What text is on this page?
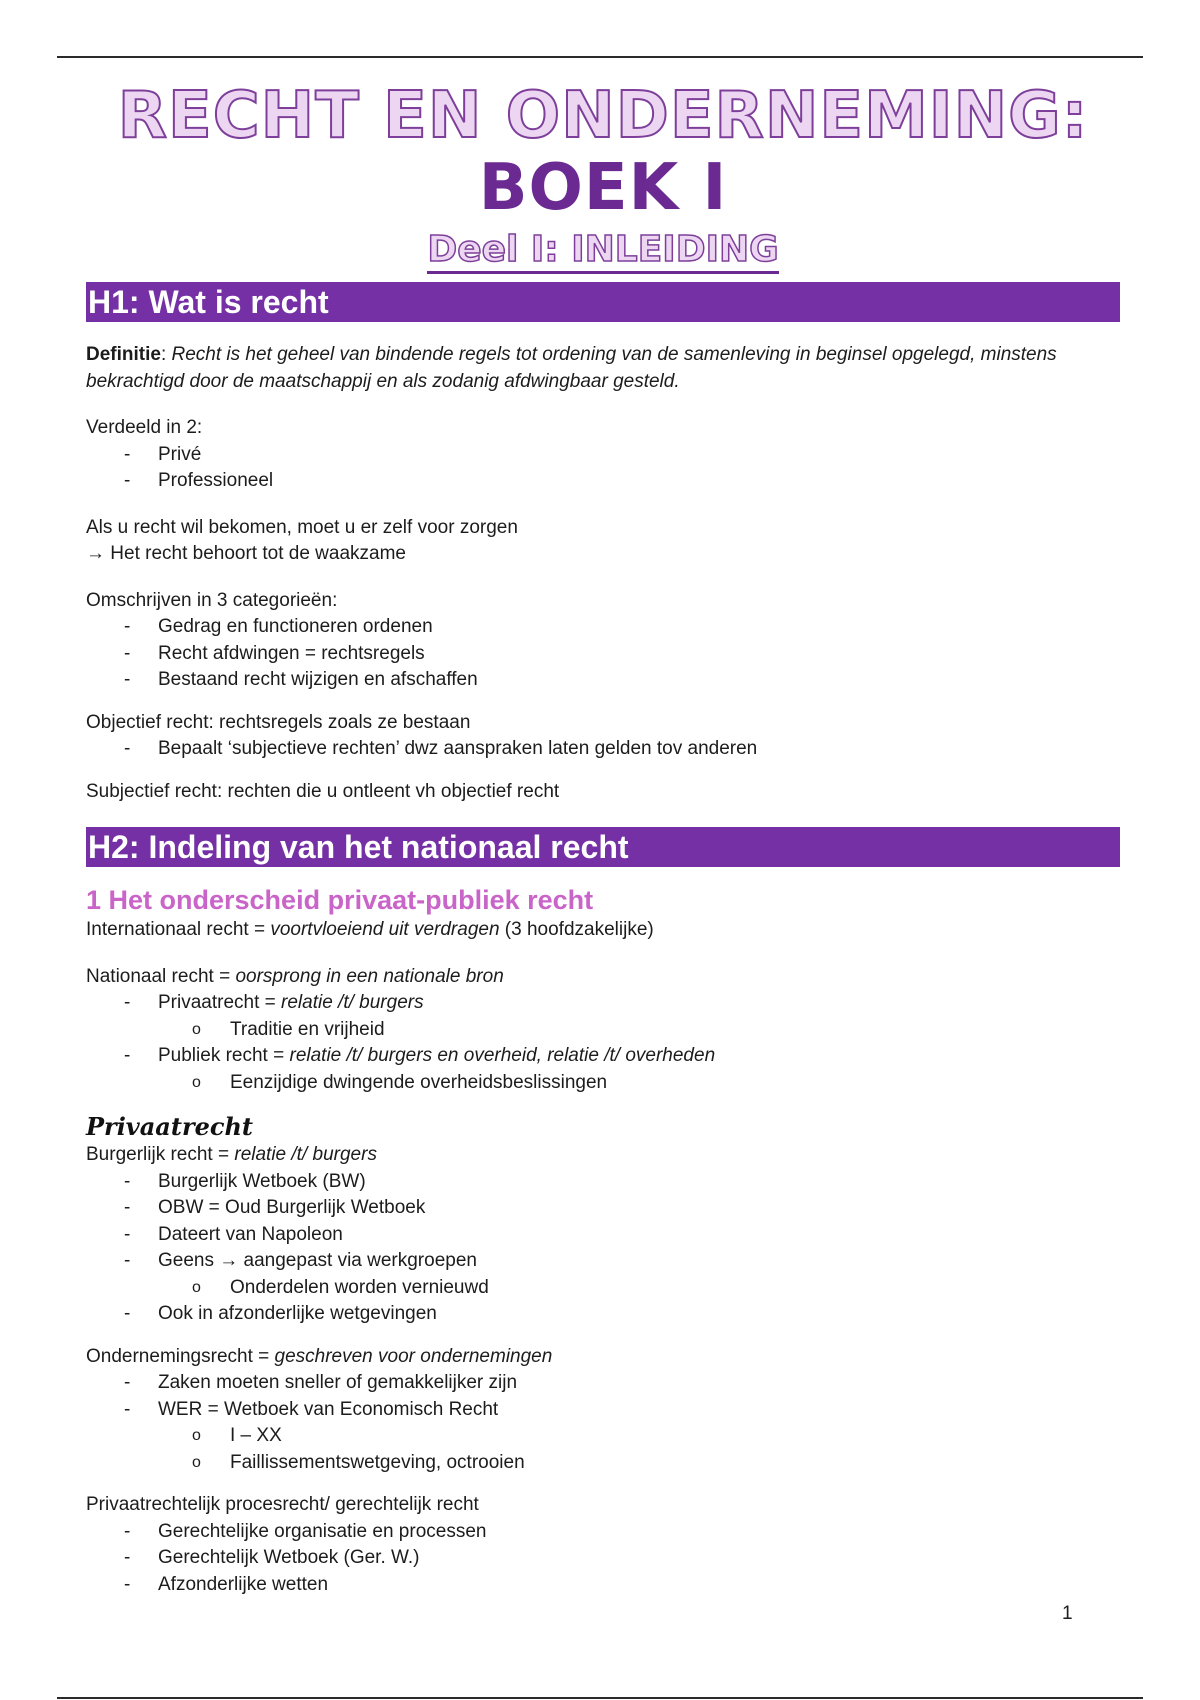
RECHT EN ONDERNEMING: BOEK I
Deel I: INLEIDING
H1: Wat is recht

Definitie: Recht is het geheel van bindende regels tot ordening van de samenleving in beginsel opgelegd, minstens bekrachtigd door de maatschappij en als zodanig afdwingbaar gesteld.

Verdeeld in 2:

- Privé
- Professioneel

Als u recht wil bekomen, moet u er zelf voor zorgen

→ Het recht behoort tot de waakzame

Omschrijven in 3 categorieën:

- Gedrag en functioneren ordenen
- Recht afdwingen = rechtsregels
- Bestaand recht wijzigen en afschaffen

Objectief recht: rechtsregels zoals ze bestaan

- Bepaalt ‘subjectieve rechten’ dwz aanspraken laten gelden tov anderen

Subjectief recht: rechten die u ontleent vh objectief recht

H2: Indeling van het nationaal recht
1 Het onderscheid privaat-publiek recht

Internationaal recht = voortvloeiend uit verdragen (3 hoofdzakelijke)

Nationaal recht = oorsprong in een nationale bron

- Privaatrecht = relatie /t/ burgers
o Traditie en vrijheid
- Publiek recht = relatie /t/ burgers en overheid, relatie /t/ overheden
o Eenzijdige dwingende overheidsbeslissingen
Privaatrecht

Burgerlijk recht = relatie /t/ burgers

- Burgerlijk Wetboek (BW)
- OBW = Oud Burgerlijk Wetboek
- Dateert van Napoleon
- Geens → aangepast via werkgroepen
o Onderdelen worden vernieuwd
- Ook in afzonderlijke wetgevingen

Ondernemingsrecht = geschreven voor ondernemingen

- Zaken moeten sneller of gemakkelijker zijn
- WER = Wetboek van Economisch Recht
o I – XX
o Faillissementswetgeving, octrooien

Privaatrechtelijk procesrecht/ gerechtelijk recht

- Gerechtelijke organisatie en processen
- Gerechtelijk Wetboek (Ger. W.)
- Afzonderlijke wetten
1
